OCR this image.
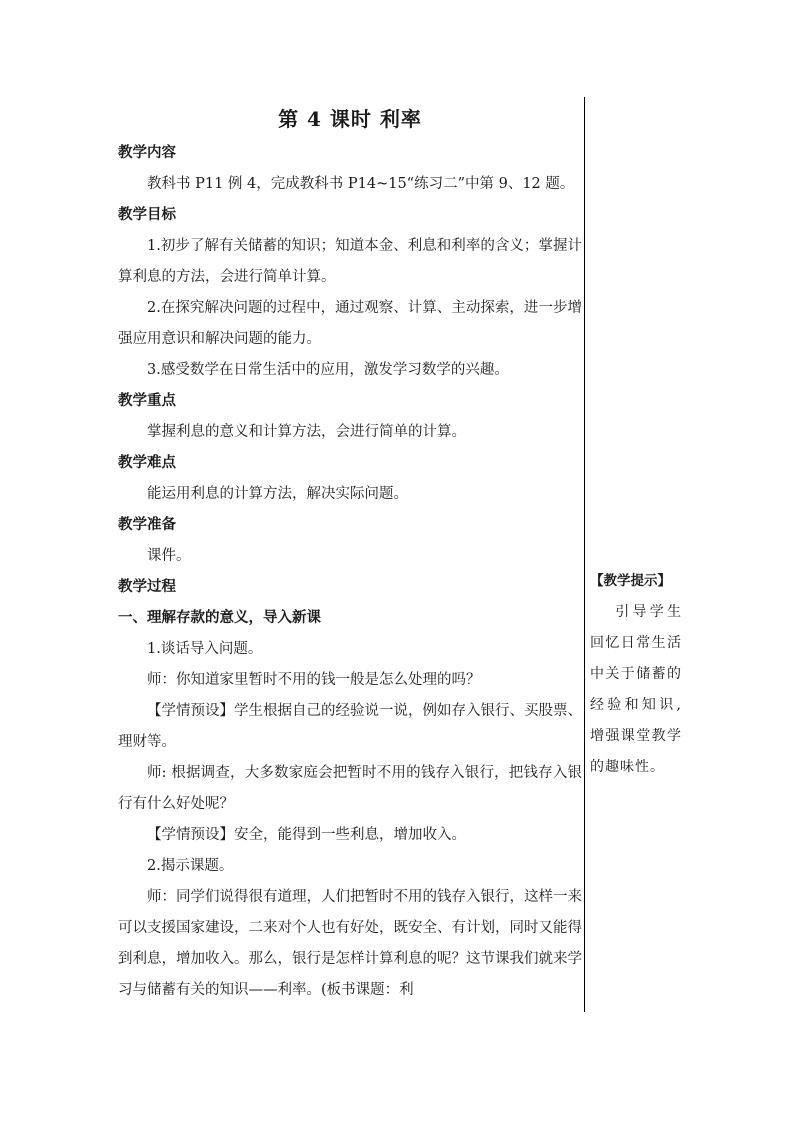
第 4 课时 利率
教学内容
教科书 P11 例 4，完成教科书 P14~15“练习二”中第 9、12 题。
教学目标
1.初步了解有关储蓄的知识；知道本金、利息和利率的含义；掌握计算利息的方法，会进行简单计算。
2.在探究解决问题的过程中，通过观察、计算、主动探索，进一步增强应用意识和解决问题的能力。
3.感受数学在日常生活中的应用，激发学习数学的兴趣。
教学重点
掌握利息的意义和计算方法，会进行简单的计算。
教学难点
能运用利息的计算方法，解决实际问题。
教学准备
课件。
教学过程
一、理解存款的意义，导入新课
1.谈话导入问题。
师：你知道家里暂时不用的钱一般是怎么处理的吗？
【学情预设】学生根据自己的经验说一说，例如存入银行、买股票、理财等。
师: 根据调查，大多数家庭会把暂时不用的钱存入银行，把钱存入银行有什么好处呢？
【学情预设】安全，能得到一些利息，增加收入。
2.揭示课题。
师：同学们说得很有道理，人们把暂时不用的钱存入银行，这样一来可以支援国家建设，二来对个人也有好处，既安全、有计划，同时又能得到利息，增加收入。那么，银行是怎样计算利息的呢？这节课我们就来学习与储蓄有关的知识——利率。(板书课题：利
【教学提示】
引导学生回忆日常生活中关于储蓄的经验和知识,增强课堂教学的趣味性。
